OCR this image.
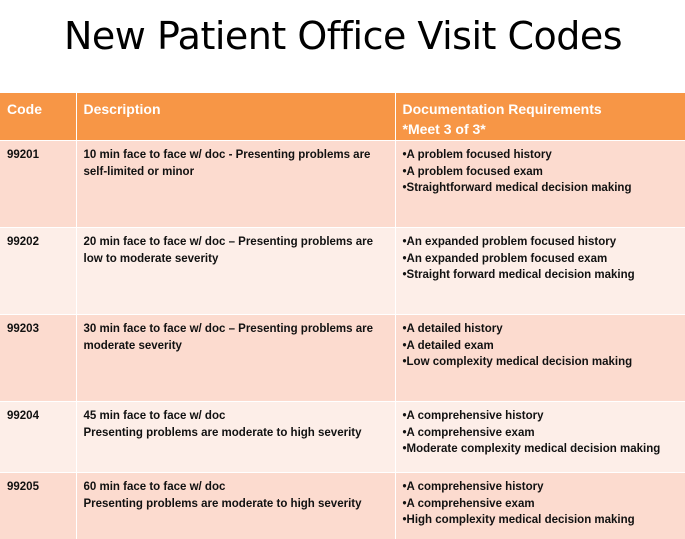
New Patient Office Visit Codes
Code	Description	Documentation Requirements
*Meet 3 of 3*

99201	10 min face to face w/ doc - Presenting problems are
self-limited or minor	•A problem focused history
•A problem focused exam
•Straightforward medical decision making

99202	20 min face to face w/ doc – Presenting problems are
low to moderate severity	•An expanded problem focused history
•An expanded problem focused exam
•Straight forward medical decision making

99203	30 min face to face w/ doc – Presenting problems are
moderate severity	•A detailed history
•A detailed exam
•Low complexity medical decision making

99204	45 min face to face w/ doc
Presenting problems are moderate to high severity	•A comprehensive history
•A comprehensive exam
•Moderate complexity medical decision making

99205	60 min face to face w/ doc
Presenting problems are moderate to high severity	•A comprehensive history
•A comprehensive exam
•High complexity medical decision making
